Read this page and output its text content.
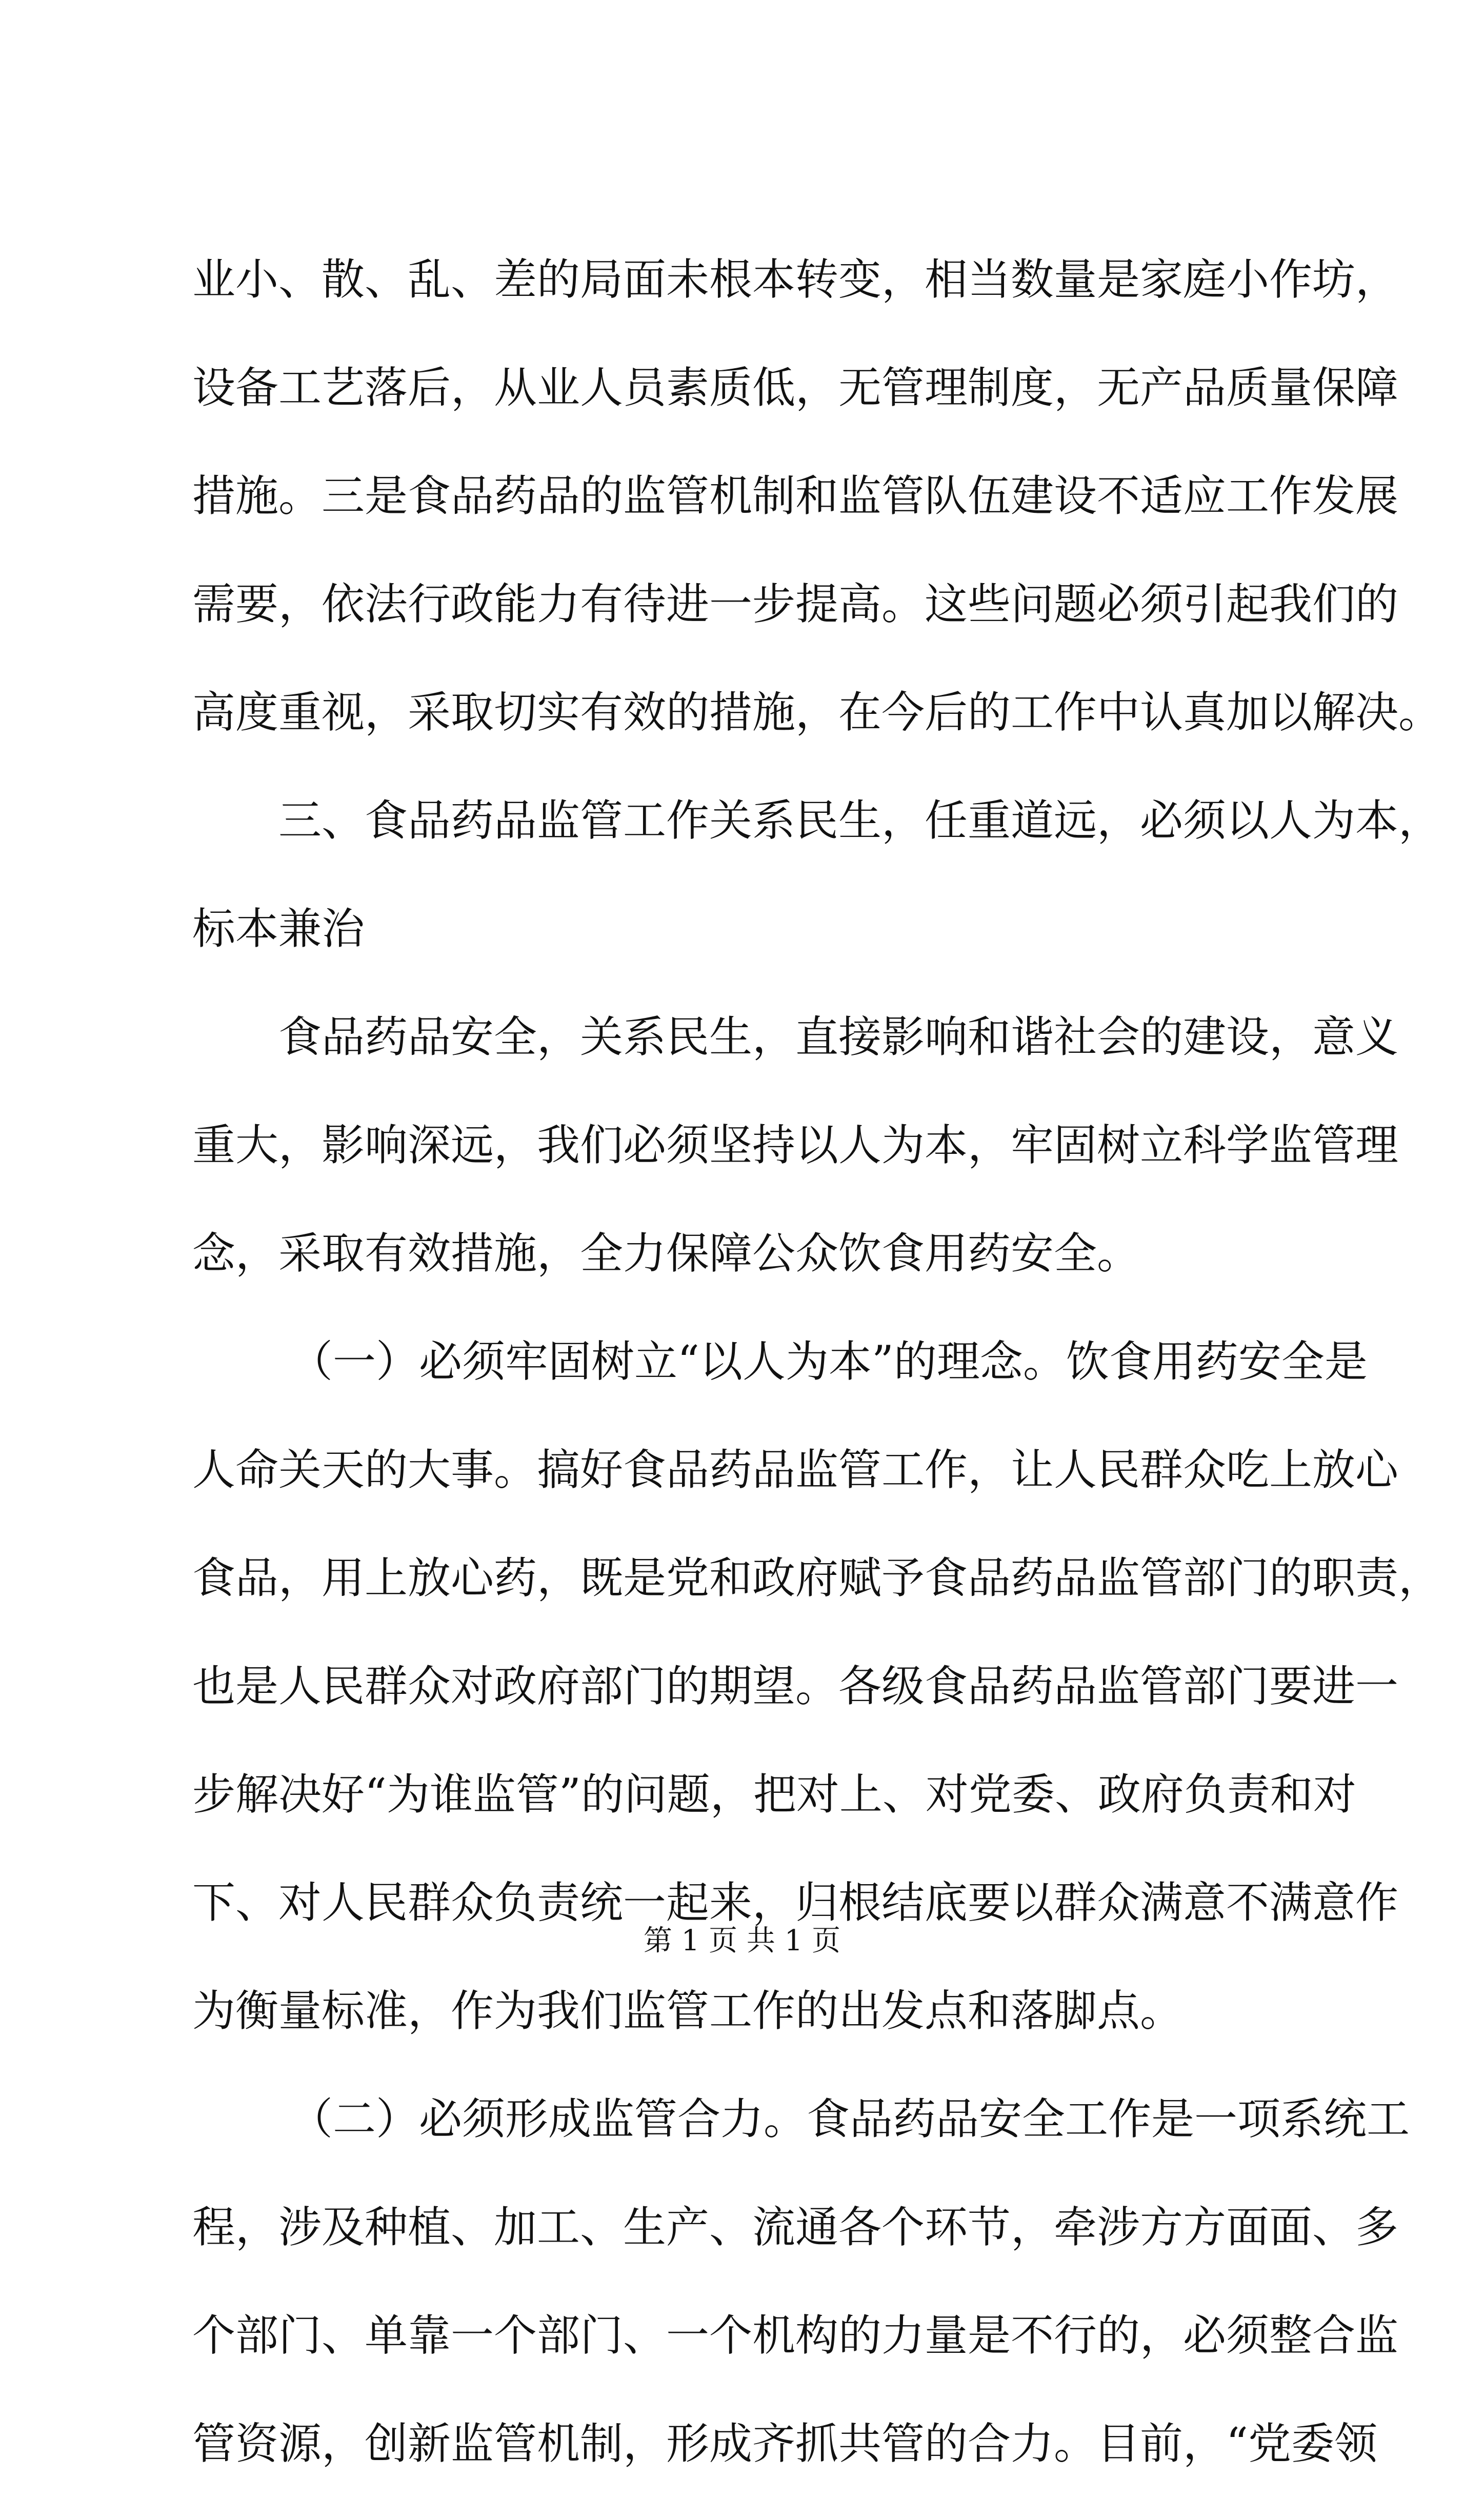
业小、散、乱、差的局面未根本转变，相当数量是家庭小作坊，
设备工艺落后，从业人员素质低，无管理制度，无产品质量保障
措施。三是食品药品的监管机制和监管队伍建设不适应工作发展
需要，依法行政能力有待进一步提高。这些问题必须引起我们的
高度重视，采取切实有效的措施，在今后的工作中认真加以解决。
三、食品药品监管工作关系民生，任重道远，必须以人为本，
标本兼治
食品药品安全，关系民生，直接影响和谐社会的建设，意义
重大，影响深远，我们必须坚持以人为本，牢固树立科学监管理
念，采取有效措施，全力保障公众饮食用药安全。
（一）必须牢固树立“以人为本”的理念。饮食用药安全是
人命关天的大事。搞好食品药品监管工作，让人民群众吃上放心
食品，用上放心药，既是党和政府赋予食品药品监管部门的职责，
也是人民群众对政府部门的期望。各级食品药品监管部门要进一
步解决好“为谁监管”的问题，把对上、对党委、政府负责和对
下、对人民群众负责统一起来，归根结底要以群众满意不满意作
为衡量标准，作为我们监管工作的出发点和落脚点。
（二）必须形成监管合力。食品药品安全工作是一项系统工
程，涉及种植、加工、生产、流通各个环节，牵涉方方面面、多
个部门、单靠一个部门、一个机构的力量是不行的，必须整合监
管资源，创新监管机制，形成齐抓共管的合力。目前，“党委领
第 1 页 共 1 页
